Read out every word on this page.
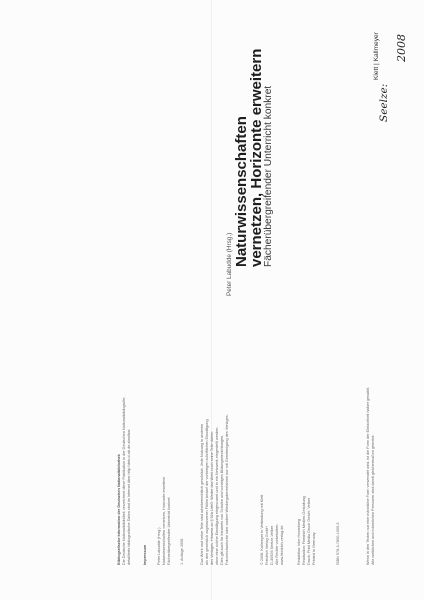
Seelze:
2008
Klett | Kallmeyer
Peter Labudde (Hrsg.) Naturwissenschaften
vernetzen, Horizonte erweitern
Fächerübergreifender Unterricht konkret
Bibliografische Information der Deutschen Nationalbibliothek Die Deutsche Nationalbibliothek verzeichnet diese Publikation in der Deutschen Nationalbibliografie; detaillierte bibliografische Daten sind im Internet über http://dnb.d-nb.de abrufbar.	Impressum	Peter Labudde (Hrsg.) Naturwissenschaften vernetzen, Horizonte erweitern Fächerübergreifender Unterricht konkret	1. Auflage 2008	Das Werk und seine Teile sind urheberrechtlich geschützt. Jede Nutzung in anderen als den gesetzlich zugelassenen Fällen bedarf der vorherigen schriftlichen Einwilligung des Verlages. Hinweis zu § 52a UrhG: Weder das Werk noch seine Teile dürfen ohne eine solche Einwilligung eingescannt und in ein Netzwerk eingestellt werden. Dies gilt auch für Intranets von Schulen und sonstigen Bildungseinrichtungen. Fotomechanische oder andere Wiedergabeverfahren nur mit Genehmigung des Verlages.	© 2008. Kallmeyer in Verbindung mit Klett Friedrich Verlag GmbH D-30926 Seelze-Velber Alle Rechte vorbehalten. www.friedrich-verlag.de	Redaktion: Inke Hosenberg Realisation: Friedrich Medien-Gestaltung Druck: Print Media Druck GmbH, Velber Printed in Germany	ISBN 978-3-7800-1009-3	Wenn in den Texten nur eine männliche Form verwendet wird, ist die Form der Einfachheit halber gewählt. Alle weiblichen und männlichen Personen sind damit gleichermaßen gemeint.
